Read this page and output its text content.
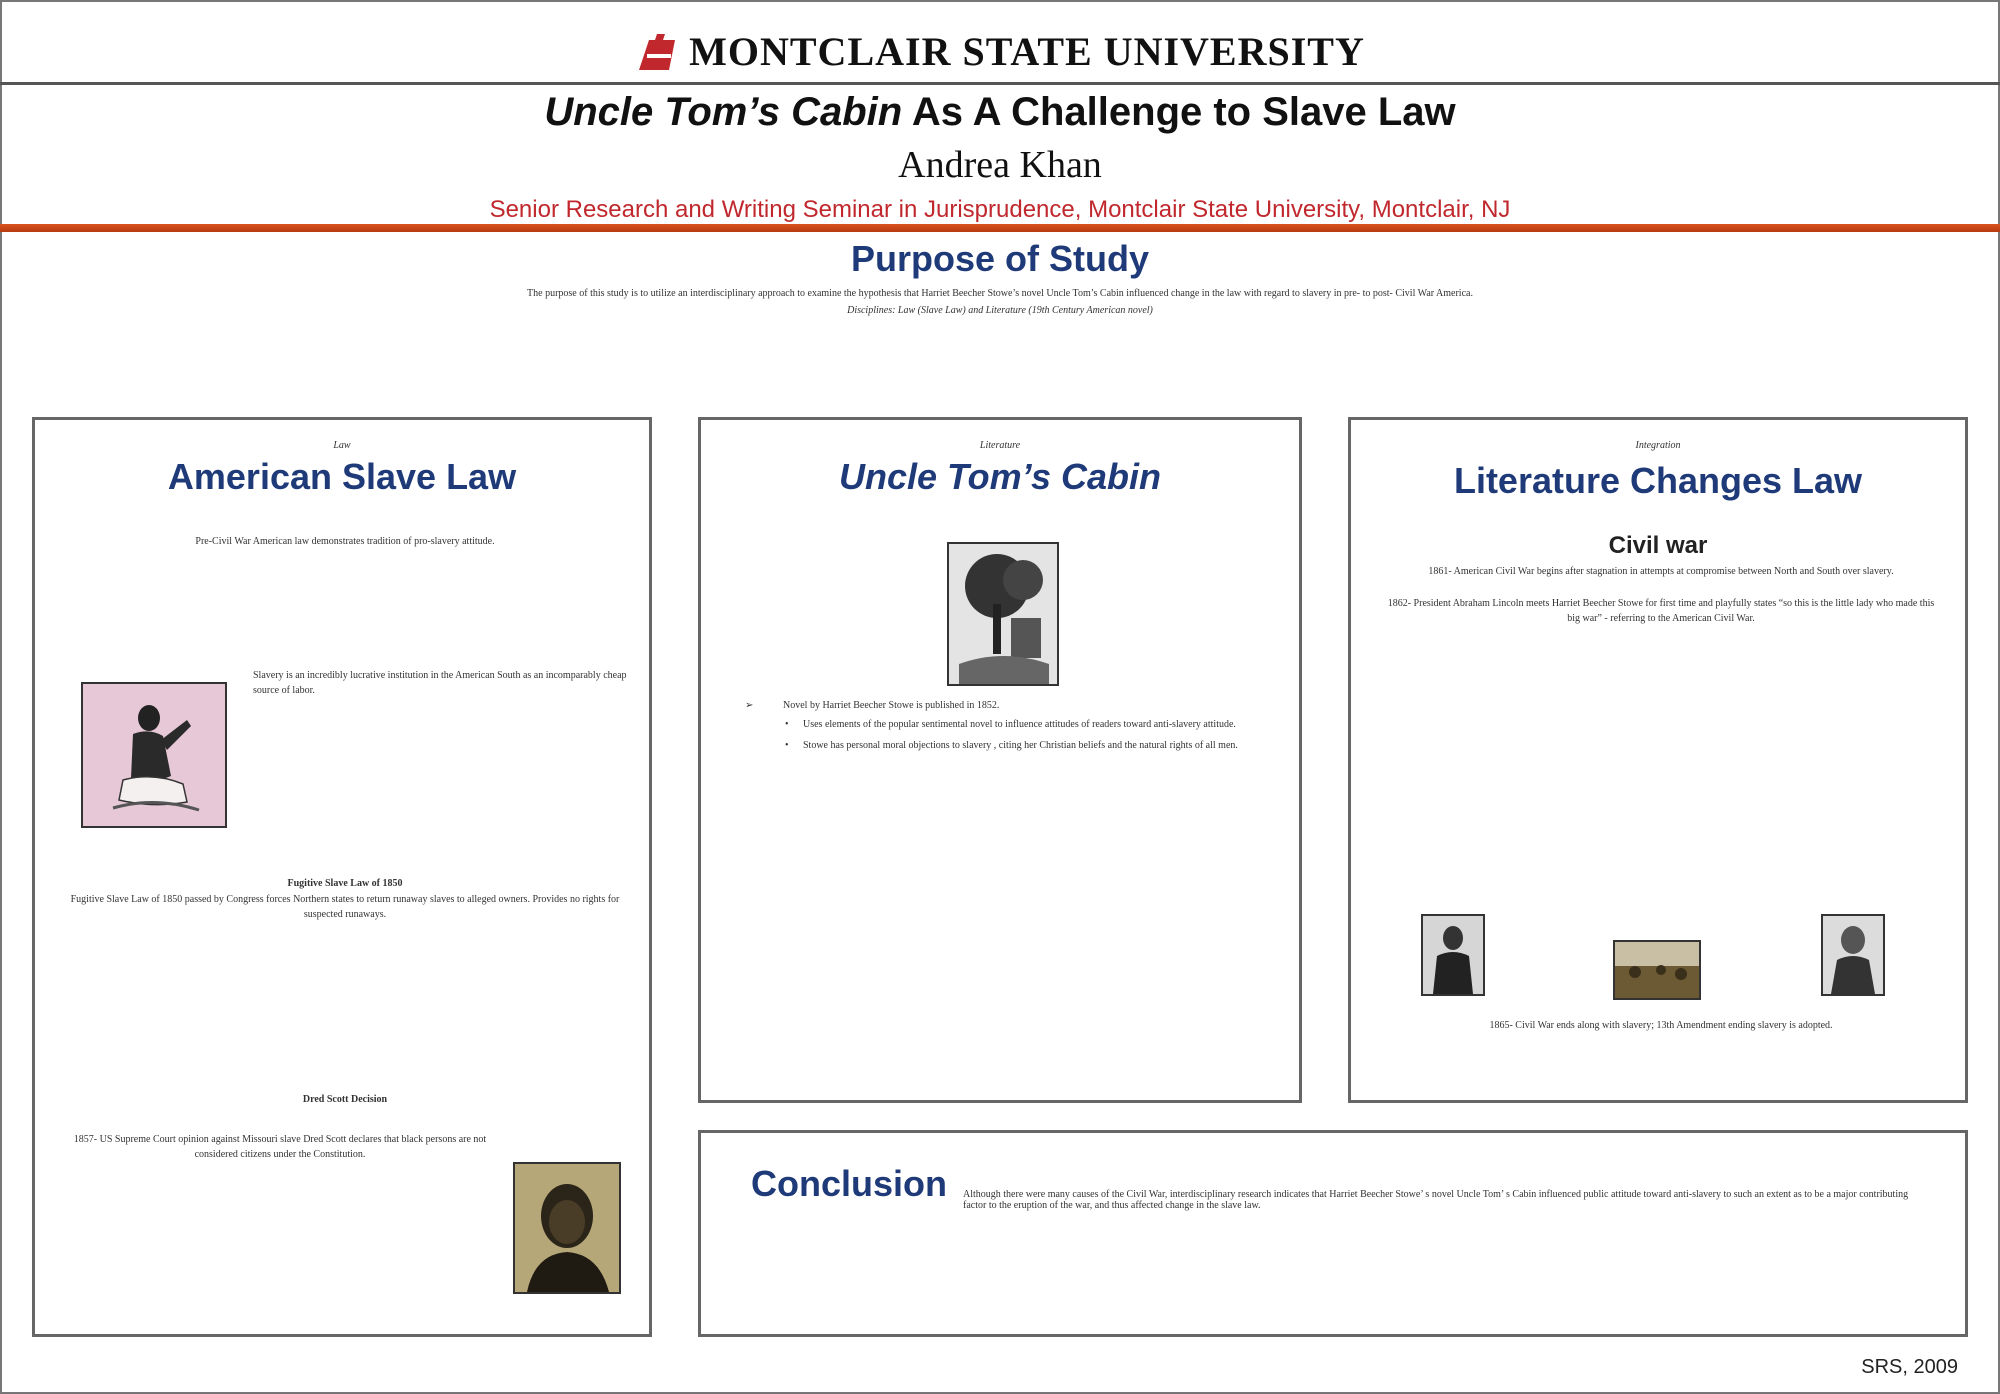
MONTCLAIR STATE UNIVERSITY
Uncle Tom’s Cabin As A Challenge to Slave Law
Andrea Khan
Senior Research and Writing Seminar in Jurisprudence, Montclair State University, Montclair, NJ
Purpose of Study
The purpose of this study is to utilize an interdisciplinary approach to examine the hypothesis that Harriet Beecher Stowe’s novel Uncle Tom’s Cabin influenced change in the law with regard to slavery in pre- to post- Civil War America.
Disciplines: Law (Slave Law) and Literature (19th Century American novel)
Law
American Slave Law
Pre-Civil War American law demonstrates tradition of pro-slavery attitude.
Slavery is an incredibly lucrative institution in the American South as an incomparably cheap source of labor.
Fugitive Slave Law of 1850
Fugitive Slave Law of 1850 passed by Congress forces Northern states to return runaway slaves to alleged owners. Provides no rights for suspected runaways.
Dred Scott Decision
1857- US Supreme Court opinion against Missouri slave Dred Scott declares that black persons are not considered citizens under the Constitution.
Literature
Uncle Tom’s Cabin
➢ Novel by Harriet Beecher Stowe is published in 1852.
• Uses elements of the popular sentimental novel to influence attitudes of readers toward anti-slavery attitude.
• Stowe has personal moral objections to slavery , citing her Christian beliefs and the natural rights of all men.
Integration
Literature Changes Law
Civil war
1861- American Civil War begins after stagnation in attempts at compromise between North and South over slavery.
1862- President Abraham Lincoln meets Harriet Beecher Stowe for first time and playfully states “so this is the little lady who made this big war” - referring to the American Civil War.
1865- Civil War ends along with slavery; 13th Amendment ending slavery is adopted.
Conclusion Although there were many causes of the Civil War, interdisciplinary research indicates that Harriet Beecher Stowe’ s novel Uncle Tom’ s Cabin influenced public attitude toward anti-slavery to such an extent as to be a major contributing factor to the eruption of the war, and thus affected change in the slave law.
SRS, 2009
